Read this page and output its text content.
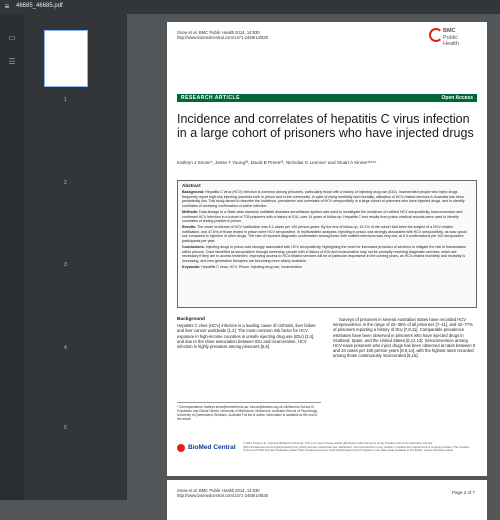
≡	46685_46685.pdf
▭
☰
1
2
3
4
5
Snow et al. BMC Public Health 2014, 14:830
http://www.biomedcentral.com/1471-2458/14/830
BMC
Public Health
RESEARCH ARTICLE	Open Access
Incidence and correlates of hepatitis C virus infection in a large cohort of prisoners who have injected drugs
Kathryn J Snow¹*, Jesse T Young²³, David B Preen²³, Nicholas G Lennox⁴ and Stuart A Kinner¹²⁴⁵⁶

Abstract

Background: Hepatitis C virus (HCV) infection is common among prisoners, particularly those with a history of injecting drug use (IDU). Incarcerated people who inject drugs frequently report high-risk injecting practices both in prison and in the community. In spite of rising morbidity and mortality, utilisation of HCV-related services in Australia has been persistently low. This study aimed to describe the incidence, prevalence and correlates of HCV seropositivity in a large cohort of prisoners who have injected drugs, and to identify correlates of receiving confirmation of active infection.

Methods: Data-linkage to a State-wide statutory notifiable diseases surveillance system was used to investigate the incidence of notified HCV seropositivity, seroconversion and confirmed HCV infection in a cohort of 735 prisoners with a history of IDU, over 14 years of follow up. Hepatitis C test results from prison medical records were used to identify correlates of testing positive in prison.

Results: The crude incidence of HCV notification was 5.1 cases per 100 person-years. By the end of follow up, 15.1% of the cohort had been the subject of a HCV-related notification, and 47.6% of those tested in prison were HCV seropositive. In multivariable analyses, injecting in prison was strongly associated with HCV seropositivity, as was opioid use compared to injection of other drugs. The rate of reported diagnostic confirmation among those with notified infections was very low, at 6.0 confirmations per 100 seropositive participants per year.

Conclusions: Injecting drugs in prison was strongly associated with HCV seropositivity, highlighting the need for increased provision of services to mitigate the risk of transmission within prisons. Once identified as seropositive through screening, people with a history of IDU and incarceration may not be promptly receiving diagnostic services, which are necessary if they are to access treatment. Improving access to HCV-related services will be of particular importance in the coming years, as HCV-related morbidity and mortality is increasing, and new generation therapies are becoming more widely available.

Keywords: Hepatitis C virus, HCV, Prison, Injecting drug use, Incarceration

Background
Hepatitis C virus (HCV) infection is a leading cause of cirrhosis, liver failure and liver cancer worldwide [1,2]. The most common risk factor for HCV exposure in high-income countries is unsafe injecting drug use (IDU) [3,4], and due to the close association between IDU and incarceration, HCV infection is highly prevalent among prisoners [5,6].
Surveys of prisoners in several Australian states have recorded HCV seroprevalence in the range of 22–38% of all prisoners [7–11], and 42–77% of prisoners reporting a history of IDU [7,8,11]. Comparable prevalence estimates have been observed in prisoners who have injected drugs in Scotland, Spain, and the United States [6,12,13]. Seroconversion among HCV-naive prisoners who inject drugs has been observed at rates between 5 and 34 cases per 100 person-years [8,9,14], with the highest rates recorded among those continuously incarcerated [5,15].
* Correspondence: kathryn.snow@unimelb.edu.au; ksnow@doctors.org.uk ¹Melbourne School of Population and Global Health, University of Melbourne, Melbourne, Australia ²School of Psychology, University of Queensland, Brisbane, Australia Full list of author information is available at the end of the article
BioMed Central
© 2014 Snow et al.; licensee BioMed Central Ltd. This is an Open Access article distributed under the terms of the Creative Commons Attribution License (http://creativecommons.org/licenses/by/4.0), which permits unrestricted use, distribution, and reproduction in any medium, provided the original work is properly credited. The Creative Commons Public Domain Dedication waiver (http://creativecommons.org/publicdomain/zero/1.0/) applies to the data made available in this article, unless otherwise stated.
Snow et al. BMC Public Health 2014, 14:830
http://www.biomedcentral.com/1471-2458/14/830
Page 2 of 7
